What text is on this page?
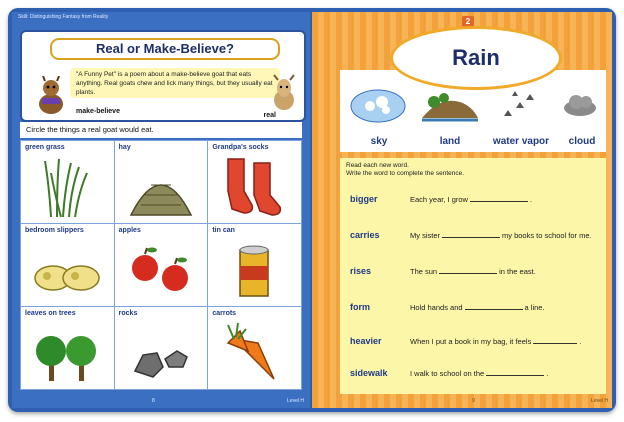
Skill: Distinguishing Fantasy from Reality
Real or Make-Believe?
"A Funny Pet" is a poem about a make-believe goat that eats anything. Real goats chew and lick many things, but they usually eat plants.
make-believe
real
Circle the things a real goat would eat.
green grass	hay	Grandpa's socks
bedroom slippers	apples	tin can
leaves on trees	rocks	carrots
8	Level H
2
sky	land	water vapor	cloud
Rain
Read each new word.
Write the word to complete the sentence.
bigger	Each year, I grow	.
carries	My sister	my books to school for me.
rises	The sun	in the east.
form	Hold hands and	a line.
heavier	When I put a book in my bag, it feels	.
sidewalk	I walk to school on the	.
9	Level H
